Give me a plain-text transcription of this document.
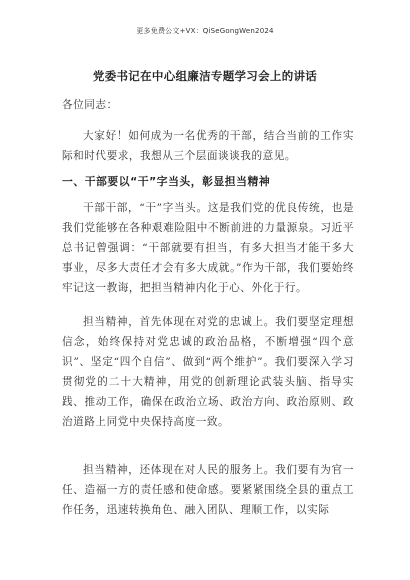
更多免费公文+VX：QiSeGongWen2024
党委书记在中心组廉洁专题学习会上的讲话
各位同志：
大家好！如何成为一名优秀的干部，结合当前的工作实际和时代要求，我想从三个层面谈谈我的意见。
一、干部要以“干”字当头，彰显担当精神
干部干部，“干”字当头。这是我们党的优良传统，也是我们党能够在各种艰难险阻中不断前进的力量源泉。习近平总书记曾强调：“干部就要有担当，有多大担当才能干多大事业，尽多大责任才会有多大成就。”作为干部，我们要始终牢记这一教诲，把担当精神内化于心、外化于行。
担当精神，首先体现在对党的忠诚上。我们要坚定理想信念，始终保持对党忠诚的政治品格，不断增强“四个意识”、坚定“四个自信”、做到“两个维护”。我们要深入学习贯彻党的二十大精神，用党的创新理论武装头脑、指导实践、推动工作，确保在政治立场、政治方向、政治原则、政治道路上同党中央保持高度一致。
担当精神，还体现在对人民的服务上。我们要有为官一任、造福一方的责任感和使命感。要紧紧围绕全县的重点工作任务，迅速转换角色、融入团队、理顺工作，以实际
